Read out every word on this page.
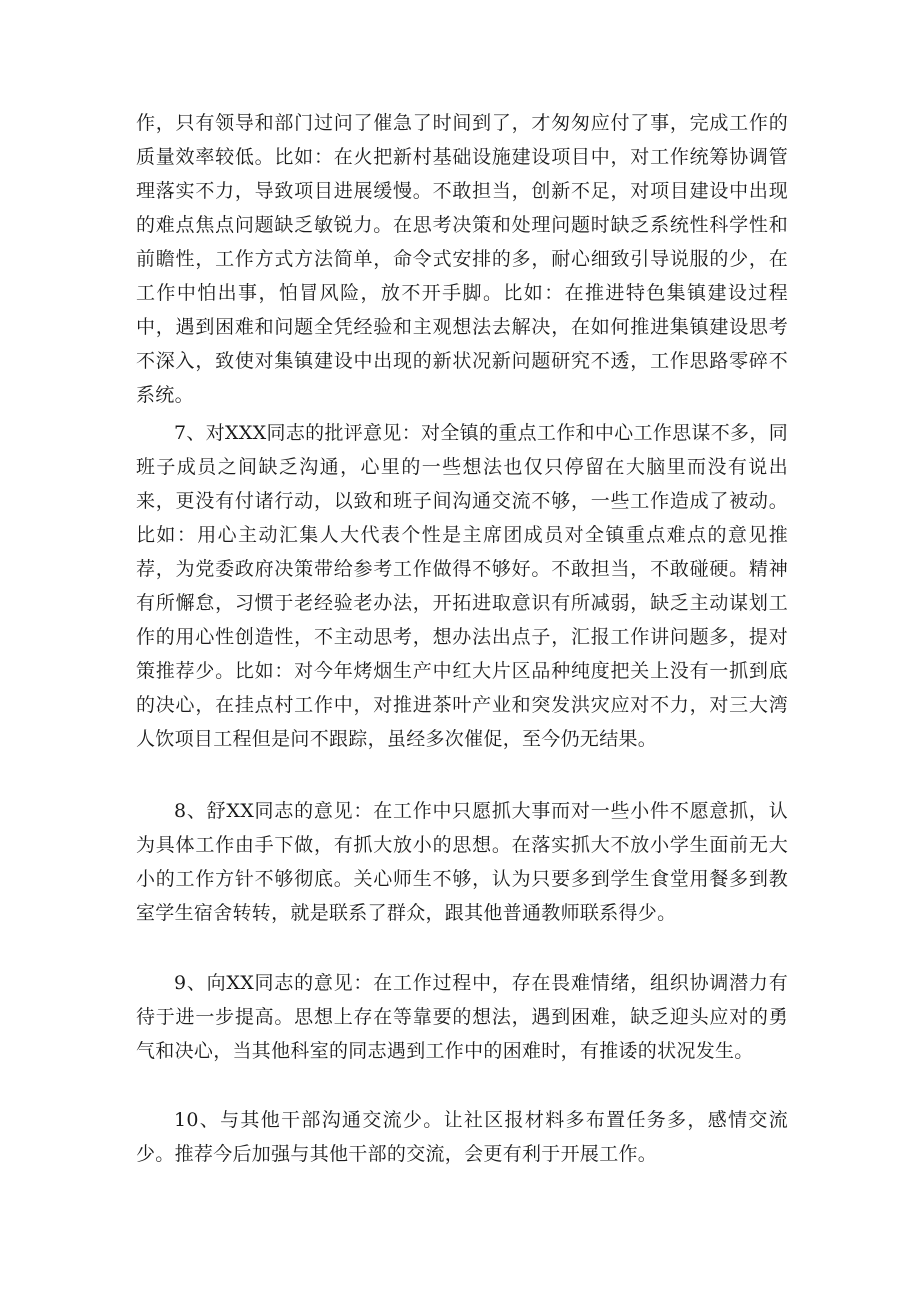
作，只有领导和部门过问了催急了时间到了，才匆匆应付了事，完成工作的质量效率较低。比如：在火把新村基础设施建设项目中，对工作统筹协调管理落实不力，导致项目进展缓慢。不敢担当，创新不足，对项目建设中出现的难点焦点问题缺乏敏锐力。在思考决策和处理问题时缺乏系统性科学性和前瞻性，工作方式方法简单，命令式安排的多，耐心细致引导说服的少，在工作中怕出事，怕冒风险，放不开手脚。比如：在推进特色集镇建设过程中，遇到困难和问题全凭经验和主观想法去解决，在如何推进集镇建设思考不深入，致使对集镇建设中出现的新状况新问题研究不透，工作思路零碎不系统。

7、对XXX同志的批评意见：对全镇的重点工作和中心工作思谋不多，同班子成员之间缺乏沟通，心里的一些想法也仅只停留在大脑里而没有说出来，更没有付诸行动，以致和班子间沟通交流不够，一些工作造成了被动。比如：用心主动汇集人大代表个性是主席团成员对全镇重点难点的意见推荐，为党委政府决策带给参考工作做得不够好。不敢担当，不敢碰硬。精神有所懈怠，习惯于老经验老办法，开拓进取意识有所减弱，缺乏主动谋划工作的用心性创造性，不主动思考，想办法出点子，汇报工作讲问题多，提对策推荐少。比如：对今年烤烟生产中红大片区品种纯度把关上没有一抓到底的决心，在挂点村工作中，对推进茶叶产业和突发洪灾应对不力，对三大湾人饮项目工程但是问不跟踪，虽经多次催促，至今仍无结果。

8、舒XX同志的意见：在工作中只愿抓大事而对一些小件不愿意抓，认为具体工作由手下做，有抓大放小的思想。在落实抓大不放小学生面前无大小的工作方针不够彻底。关心师生不够，认为只要多到学生食堂用餐多到教室学生宿舍转转，就是联系了群众，跟其他普通教师联系得少。

9、向XX同志的意见：在工作过程中，存在畏难情绪，组织协调潜力有待于进一步提高。思想上存在等靠要的想法，遇到困难，缺乏迎头应对的勇气和决心，当其他科室的同志遇到工作中的困难时，有推诿的状况发生。

10、与其他干部沟通交流少。让社区报材料多布置任务多，感情交流少。推荐今后加强与其他干部的交流，会更有利于开展工作。
